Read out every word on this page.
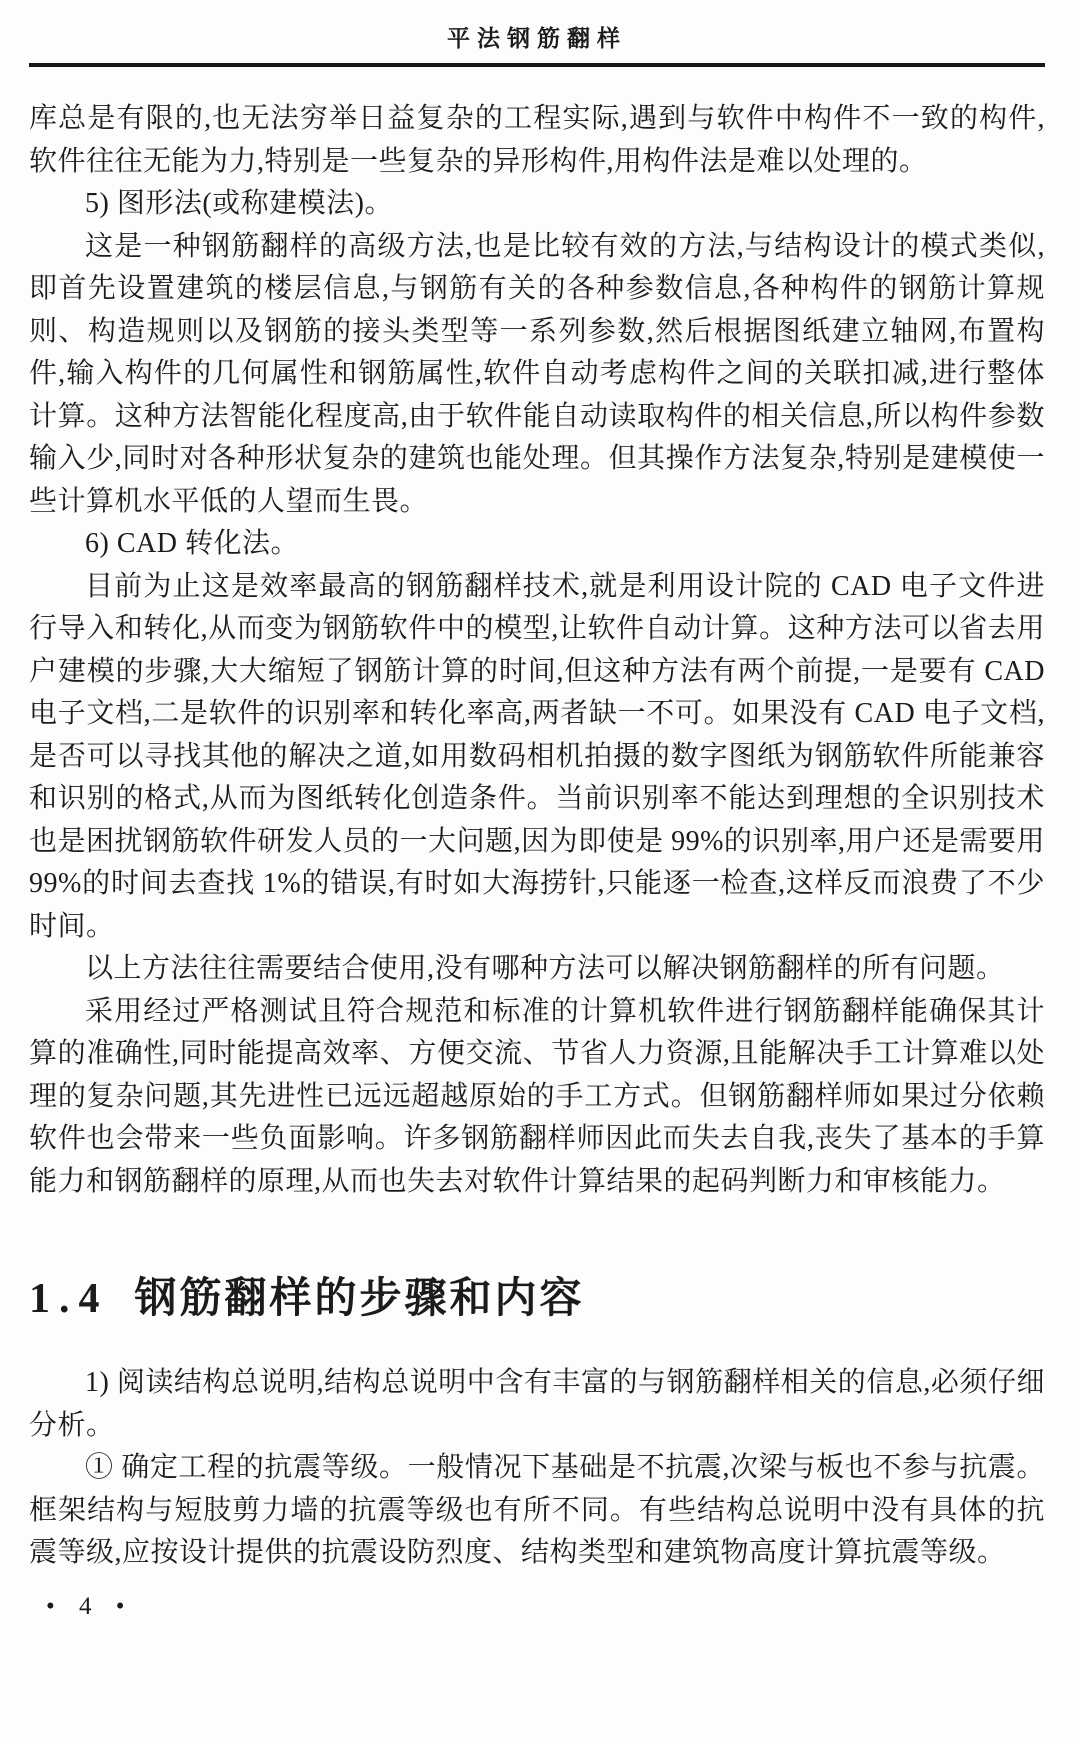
平法钢筋翻样

库总是有限的,也无法穷举日益复杂的工程实际,遇到与软件中构件不一致的构件,软件往往无能为力,特别是一些复杂的异形构件,用构件法是难以处理的。

5) 图形法(或称建模法)。

这是一种钢筋翻样的高级方法,也是比较有效的方法,与结构设计的模式类似,即首先设置建筑的楼层信息,与钢筋有关的各种参数信息,各种构件的钢筋计算规则、构造规则以及钢筋的接头类型等一系列参数,然后根据图纸建立轴网,布置构件,输入构件的几何属性和钢筋属性,软件自动考虑构件之间的关联扣减,进行整体计算。这种方法智能化程度高,由于软件能自动读取构件的相关信息,所以构件参数输入少,同时对各种形状复杂的建筑也能处理。但其操作方法复杂,特别是建模使一些计算机水平低的人望而生畏。

6) CAD 转化法。

目前为止这是效率最高的钢筋翻样技术,就是利用设计院的 CAD 电子文件进行导入和转化,从而变为钢筋软件中的模型,让软件自动计算。这种方法可以省去用户建模的步骤,大大缩短了钢筋计算的时间,但这种方法有两个前提,一是要有 CAD 电子文档,二是软件的识别率和转化率高,两者缺一不可。如果没有 CAD 电子文档,是否可以寻找其他的解决之道,如用数码相机拍摄的数字图纸为钢筋软件所能兼容和识别的格式,从而为图纸转化创造条件。当前识别率不能达到理想的全识别技术也是困扰钢筋软件研发人员的一大问题,因为即使是 99%的识别率,用户还是需要用 99%的时间去查找 1%的错误,有时如大海捞针,只能逐一检查,这样反而浪费了不少时间。

以上方法往往需要结合使用,没有哪种方法可以解决钢筋翻样的所有问题。

采用经过严格测试且符合规范和标准的计算机软件进行钢筋翻样能确保其计算的准确性,同时能提高效率、方便交流、节省人力资源,且能解决手工计算难以处理的复杂问题,其先进性已远远超越原始的手工方式。但钢筋翻样师如果过分依赖软件也会带来一些负面影响。许多钢筋翻样师因此而失去自我,丧失了基本的手算能力和钢筋翻样的原理,从而也失去对软件计算结果的起码判断力和审核能力。

1.4 钢筋翻样的步骤和内容

1) 阅读结构总说明,结构总说明中含有丰富的与钢筋翻样相关的信息,必须仔细分析。

① 确定工程的抗震等级。一般情况下基础是不抗震,次梁与板也不参与抗震。框架结构与短肢剪力墙的抗震等级也有所不同。有些结构总说明中没有具体的抗震等级,应按设计提供的抗震设防烈度、结构类型和建筑物高度计算抗震等级。

• 4 •
